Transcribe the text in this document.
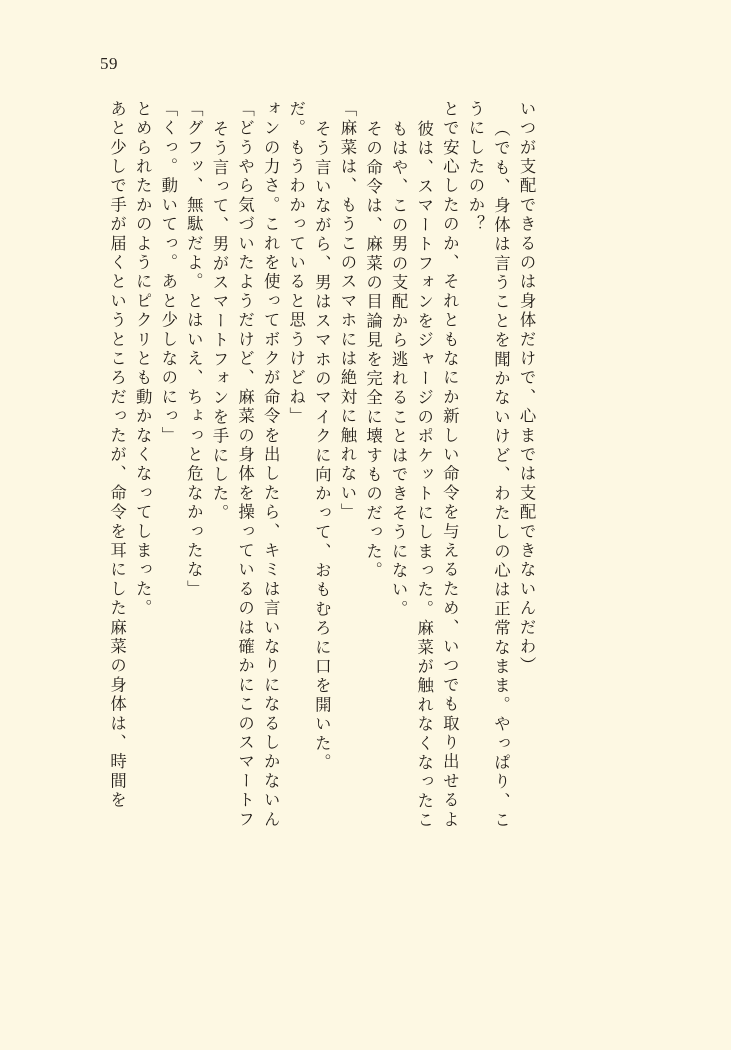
59
あと少しで手が届くというところだったが、命令を耳にした麻菜の身体は、時間を とめられたかのようにピクリとも動かなくなってしまった。 「くっ。動いてっ。あと少しなのにっ」 「グフッ、無駄だよ。とはいえ、ちょっと危なかったな」 そう言って、男がスマートフォンを手にした。 「どうやら気づいたようだけど、麻菜の身体を操っているのは確かにこのスマートフ ォンの力さ。これを使ってボクが命令を出したら、キミは言いなりになるしかないん だ。もうわかっていると思うけどね」 そう言いながら、男はスマホのマイクに向かって、おもむろに口を開いた。 「麻菜は、もうこのスマホには絶対に触れない」 その命令は、麻菜の目論見を完全に壊すものだった。 もはや、この男の支配から逃れることはできそうにない。 彼は、スマートフォンをジャージのポケットにしまった。麻菜が触れなくなったこ とで安心したのか、それともなにか新しい命令を与えるため、いつでも取り出せるよ うにしたのか？ （でも、身体は言うことを聞かないけど、わたしの心は正常なまま。やっぱり、こ いつが支配できるのは身体だけで、心までは支配できないんだわ）
